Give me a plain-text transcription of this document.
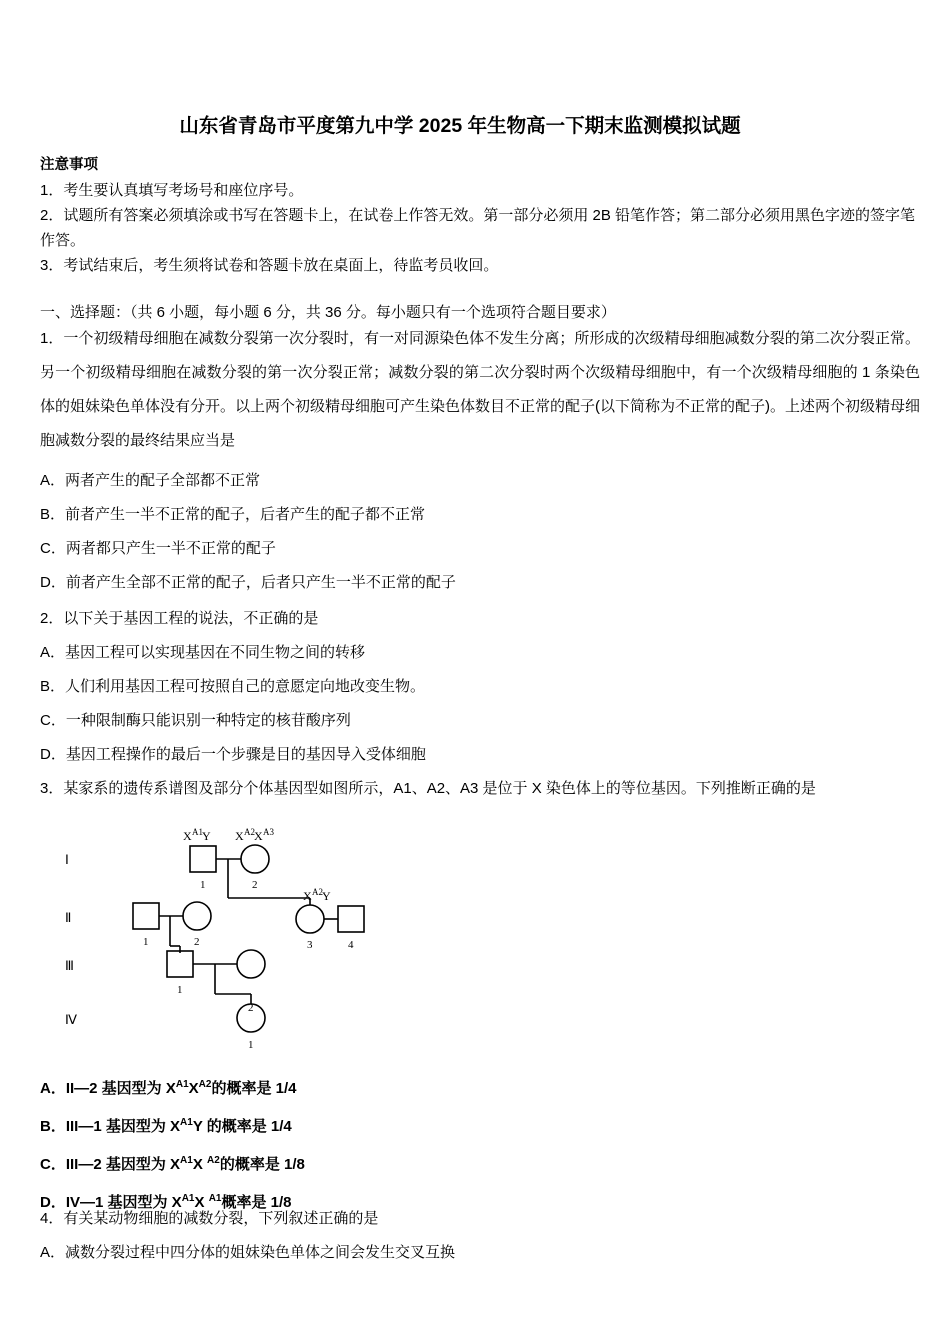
山东省青岛市平度第九中学 2025 年生物高一下期末监测模拟试题
注意事项
1．考生要认真填写考场号和座位序号。
2．试题所有答案必须填涂或书写在答题卡上，在试卷上作答无效。第一部分必须用 2B 铅笔作答；第二部分必须用黑色字迹的签字笔作答。
3．考试结束后，考生须将试卷和答题卡放在桌面上，待监考员收回。
一、选择题：（共 6 小题，每小题 6 分，共 36 分。每小题只有一个选项符合题目要求）
1．一个初级精母细胞在减数分裂第一次分裂时，有一对同源染色体不发生分离；所形成的次级精母细胞减数分裂的第二次分裂正常。另一个初级精母细胞在减数分裂的第一次分裂正常；减数分裂的第二次分裂时两个次级精母细胞中，有一个次级精母细胞的 1 条染色体的姐妹染色单体没有分开。以上两个初级精母细胞可产生染色体数目不正常的配子(以下简称为不正常的配子)。上述两个初级精母细胞减数分裂的最终结果应当是
A．两者产生的配子全部都不正常
B．前者产生一半不正常的配子，后者产生的配子都不正常
C．两者都只产生一半不正常的配子
D．前者产生全部不正常的配子，后者只产生一半不正常的配子
2．以下关于基因工程的说法，不正确的是
A．基因工程可以实现基因在不同生物之间的转移
B．人们利用基因工程可按照自己的意愿定向地改变生物。
C．一种限制酶只能识别一种特定的核苷酸序列
D．基因工程操作的最后一个步骤是目的基因导入受体细胞
3．某家系的遗传系谱图及部分个体基因型如图所示，A1、A2、A3 是位于 X 染色体上的等位基因。下列推断正确的是
Ⅰ
Ⅱ
Ⅲ
Ⅳ
1	2
1	2	3	4
1
2
1
X A1 Y X A2 X A3
X A2 Y
A．II—2 基因型为 $X^{A1}X^{A2}$的概率是 1/4
B．III—1 基因型为 $X^{A1}Y$ 的概率是 1/4
C．III—2 基因型为 $X^{A1}X$ $^{A2}$的概率是 1/8
D．IV—1 基因型为 $X^{A1}X$ $^{A1}$概率是 1/8
4．有关某动物细胞的减数分裂，下列叙述正确的是
A．减数分裂过程中四分体的姐妹染色单体之间会发生交叉互换
